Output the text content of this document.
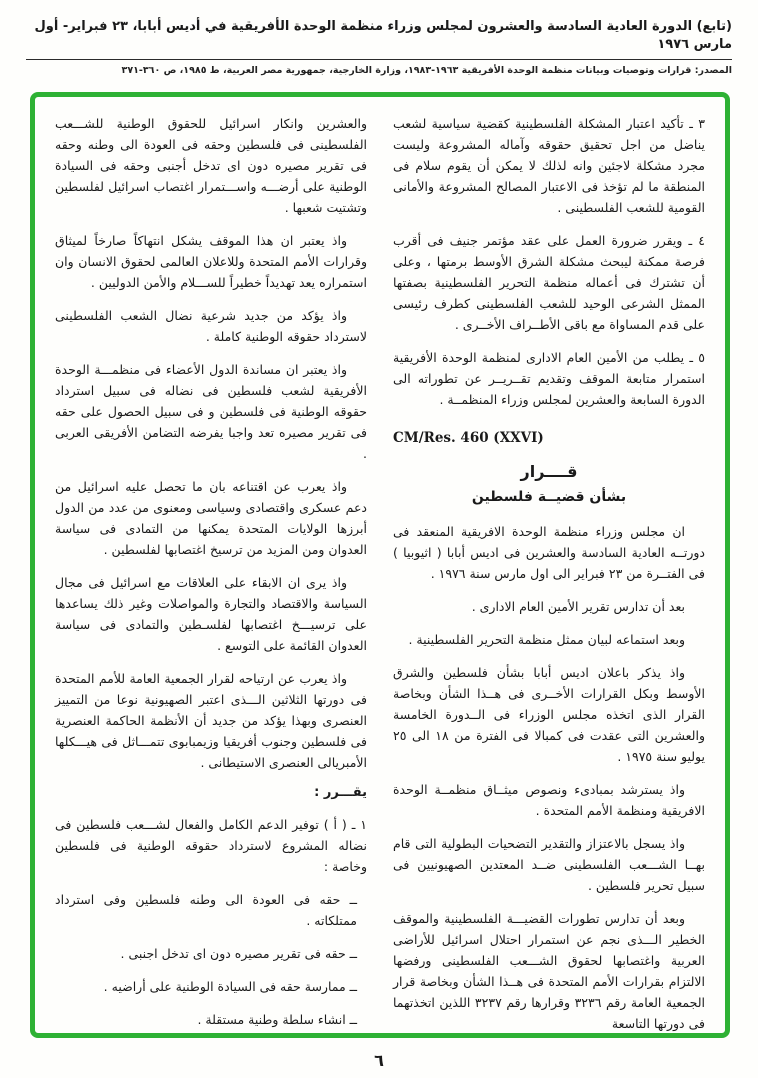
(تابع) الدورة العادية السادسة والعشرون لمجلس وزراء منظمة الوحدة الأفريقية في أديس أبابا، ٢٣ فبراير- أول مارس ١٩٧٦
المصدر: قرارات وتوصيات وبيانات منظمة الوحدة الأفريقية ١٩٦٣-١٩٨٣، وزارة الخارجية، جمهورية مصر العربية، ط ١٩٨٥، ص ٣٦٠-٣٧١

٣ ـ تأكيد اعتبار المشكلة الفلسطينية كقضية سياسية لشعب يناضل من اجل تحقيق حقوقه وآماله المشروعة وليست مجرد مشكلة لاجئين وانه لذلك لا يمكن أن يقوم سلام فى المنطقة ما لم تؤخذ فى الاعتبار المصالح المشروعة والأمانى القومية للشعب الفلسطينى .

٤ ـ ويقرر ضرورة العمل على عقد مؤتمر جنيف فى أقرب فرصة ممكنة ليبحث مشكلة الشرق الأوسط برمتها ، وعلى أن تشترك فى أعماله منظمة التحرير الفلسطينية بصفتها الممثل الشرعى الوحيد للشعب الفلسطينى كطرف رئيسى على قدم المساواة مع باقى الأطــراف الأخــرى .

٥ ـ يطلب من الأمين العام الادارى لمنظمة الوحدة الأفريقية استمرار متابعة الموقف وتقديم تقــريــر عن تطوراته الى الدورة السابعة والعشرين لمجلس وزراء المنظمــة .

CM/Res. 460 (XXVI)

قــــرار
بشأن قضيــة فلسطين

ان مجلس وزراء منظمة الوحدة الافريقية المنعقد فى دورتــه العادية السادسة والعشرين فى اديس أبابا ( اثيوبيا ) فى الفتــرة من ٢٣ فبراير الى اول مارس سنة ١٩٧٦ .

بعد أن تدارس تقرير الأمين العام الادارى .

وبعد استماعه لبيان ممثل منظمة التحرير الفلسطينية .

واذ يذكر باعلان اديس أبابا بشأن فلسطين والشرق الأوسط وبكل القرارات الأخــرى فى هــذا الشأن وبخاصة القرار الذى اتخذه مجلس الوزراء فى الــدورة الخامسة والعشرين التى عقدت فى كمبالا فى الفترة من ١٨ الى ٢٥ يوليو سنة ١٩٧٥ .

واذ يسترشد بمبادىء ونصوص ميثــاق منظمــة الوحدة الافريقية ومنظمة الأمم المتحدة .

واذ يسجل بالاعتزاز والتقدير التضحيات البطولية التى قام بهــا الشـــعب الفلسطينى ضــد المعتدين الصهيونيين فى سبيل تحرير فلسطين .

وبعد أن تدارس تطورات القضيـــة الفلسطينية والموقف الخطير الـــذى نجم عن استمرار احتلال اسرائيل للأراضى العربية واغتصابها لحقوق الشـــعب الفلسطينى ورفضها الالتزام بقرارات الأمم المتحدة فى هــذا الشأن وبخاصة قرار الجمعية العامة رقم ٣٢٣٦ وقرارها رقم ٣٢٣٧ اللذين اتخذتهما فى دورتها التاسعة

والعشرين وانكار اسرائيل للحقوق الوطنية للشـــعب الفلسطينى فى فلسطين وحقه فى العودة الى وطنه وحقه فى تقرير مصيره دون اى تدخل أجنبى وحقه فى السيادة الوطنية على أرضـــه واســـتمرار اغتصاب اسرائيل لفلسطين وتشتيت شعبها .

واذ يعتبر ان هذا الموقف يشكل انتهاكاً صارخاً لميثاق وقرارات الأمم المتحدة وللاعلان العالمى لحقوق الانسان وان استمراره يعد تهديداً خطيراً للســـلام والأمن الدوليين .

واذ يؤكد من جديد شرعية نضال الشعب الفلسطينى لاسترداد حقوقه الوطنية كاملة .

واذ يعتبر ان مساندة الدول الأعضاء فى منظمـــة الوحدة الأفريقية لشعب فلسطين فى نضاله فى سبيل استرداد حقوقه الوطنية فى فلسطين و فى سبيل الحصول على حقه فى تقرير مصيره تعد واجبا يفرضه التضامن الأفريقى العربى .

واذ يعرب عن اقتناعه بان ما تحصل عليه اسرائيل من دعم عسكرى واقتصادى وسياسى ومعنوى من عدد من الدول أبرزها الولايات المتحدة يمكنها من التمادى فى سياسة العدوان ومن المزيد من ترسيخ اغتصابها لفلسطين .

واذ يرى ان الابقاء على العلاقات مع اسرائيل فى مجال السياسة والاقتصاد والتجارة والمواصلات وغير ذلك يساعدها على ترسيـــخ اغتصابها لفلسـطين والتمادى فى سياسة العدوان القائمة على التوسع .

واذ يعرب عن ارتياحه لقرار الجمعية العامة للأمم المتحدة فى دورتها الثلاثين الـــذى اعتبر الصهيونية نوعا من التمييز العنصرى وبهذا يؤكد من جديد أن الأنظمة الحاكمة العنصرية فى فلسطين وجنوب أفريقيا وزيمبابوى تتمـــاثل فى هيـــكلها الأمبريالى العنصرى الاستيطانى .

يقـــرر :

١ ـ ( أ ) توفير الدعم الكامل والفعال لشـــعب فلسطين فى نضاله المشروع لاسترداد حقوقه الوطنية فى فلسطين وخاصة :

ــ حقه فى العودة الى وطنه فلسطين وفى استرداد ممتلكاته .

ــ حقه فى تقرير مصيره دون اى تدخل اجنبى .

ــ ممارسة حقه فى السيادة الوطنية على أراضيه .

ــ انشاء سلطة وطنية مستقلة .

٦
